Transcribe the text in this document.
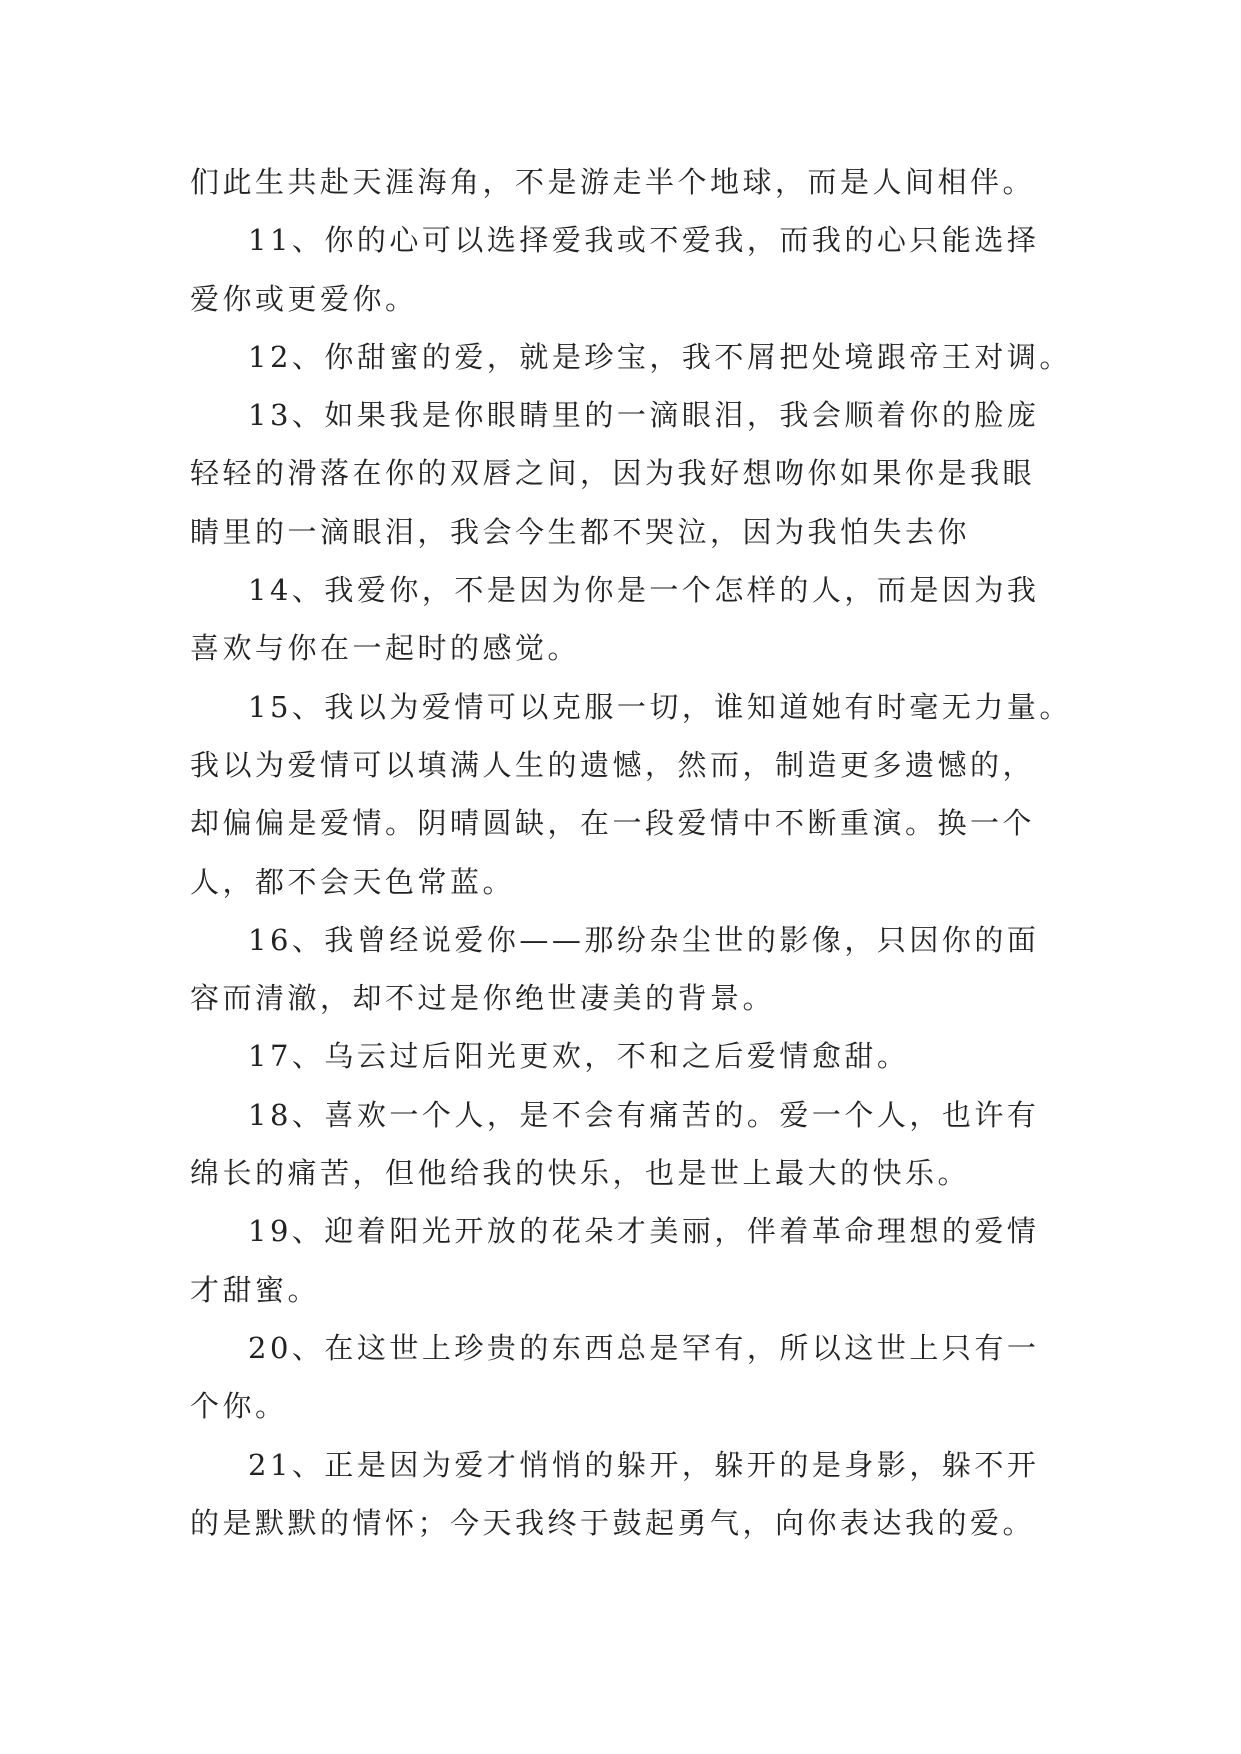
们此生共赴天涯海角，不是游走半个地球，而是人间相伴。

11、你的心可以选择爱我或不爱我，而我的心只能选择
爱你或更爱你。

12、你甜蜜的爱，就是珍宝，我不屑把处境跟帝王对调。

13、如果我是你眼睛里的一滴眼泪，我会顺着你的脸庞
轻轻的滑落在你的双唇之间，因为我好想吻你如果你是我眼
睛里的一滴眼泪，我会今生都不哭泣，因为我怕失去你

14、我爱你，不是因为你是一个怎样的人，而是因为我
喜欢与你在一起时的感觉。

15、我以为爱情可以克服一切，谁知道她有时毫无力量。
我以为爱情可以填满人生的遗憾，然而，制造更多遗憾的，
却偏偏是爱情。阴晴圆缺，在一段爱情中不断重演。换一个
人，都不会天色常蓝。

16、我曾经说爱你——那纷杂尘世的影像，只因你的面
容而清澈，却不过是你绝世凄美的背景。

17、乌云过后阳光更欢，不和之后爱情愈甜。

18、喜欢一个人，是不会有痛苦的。爱一个人，也许有
绵长的痛苦，但他给我的快乐，也是世上最大的快乐。

19、迎着阳光开放的花朵才美丽，伴着革命理想的爱情
才甜蜜。

20、在这世上珍贵的东西总是罕有，所以这世上只有一
个你。

21、正是因为爱才悄悄的躲开，躲开的是身影，躲不开
的是默默的情怀；今天我终于鼓起勇气，向你表达我的爱。
